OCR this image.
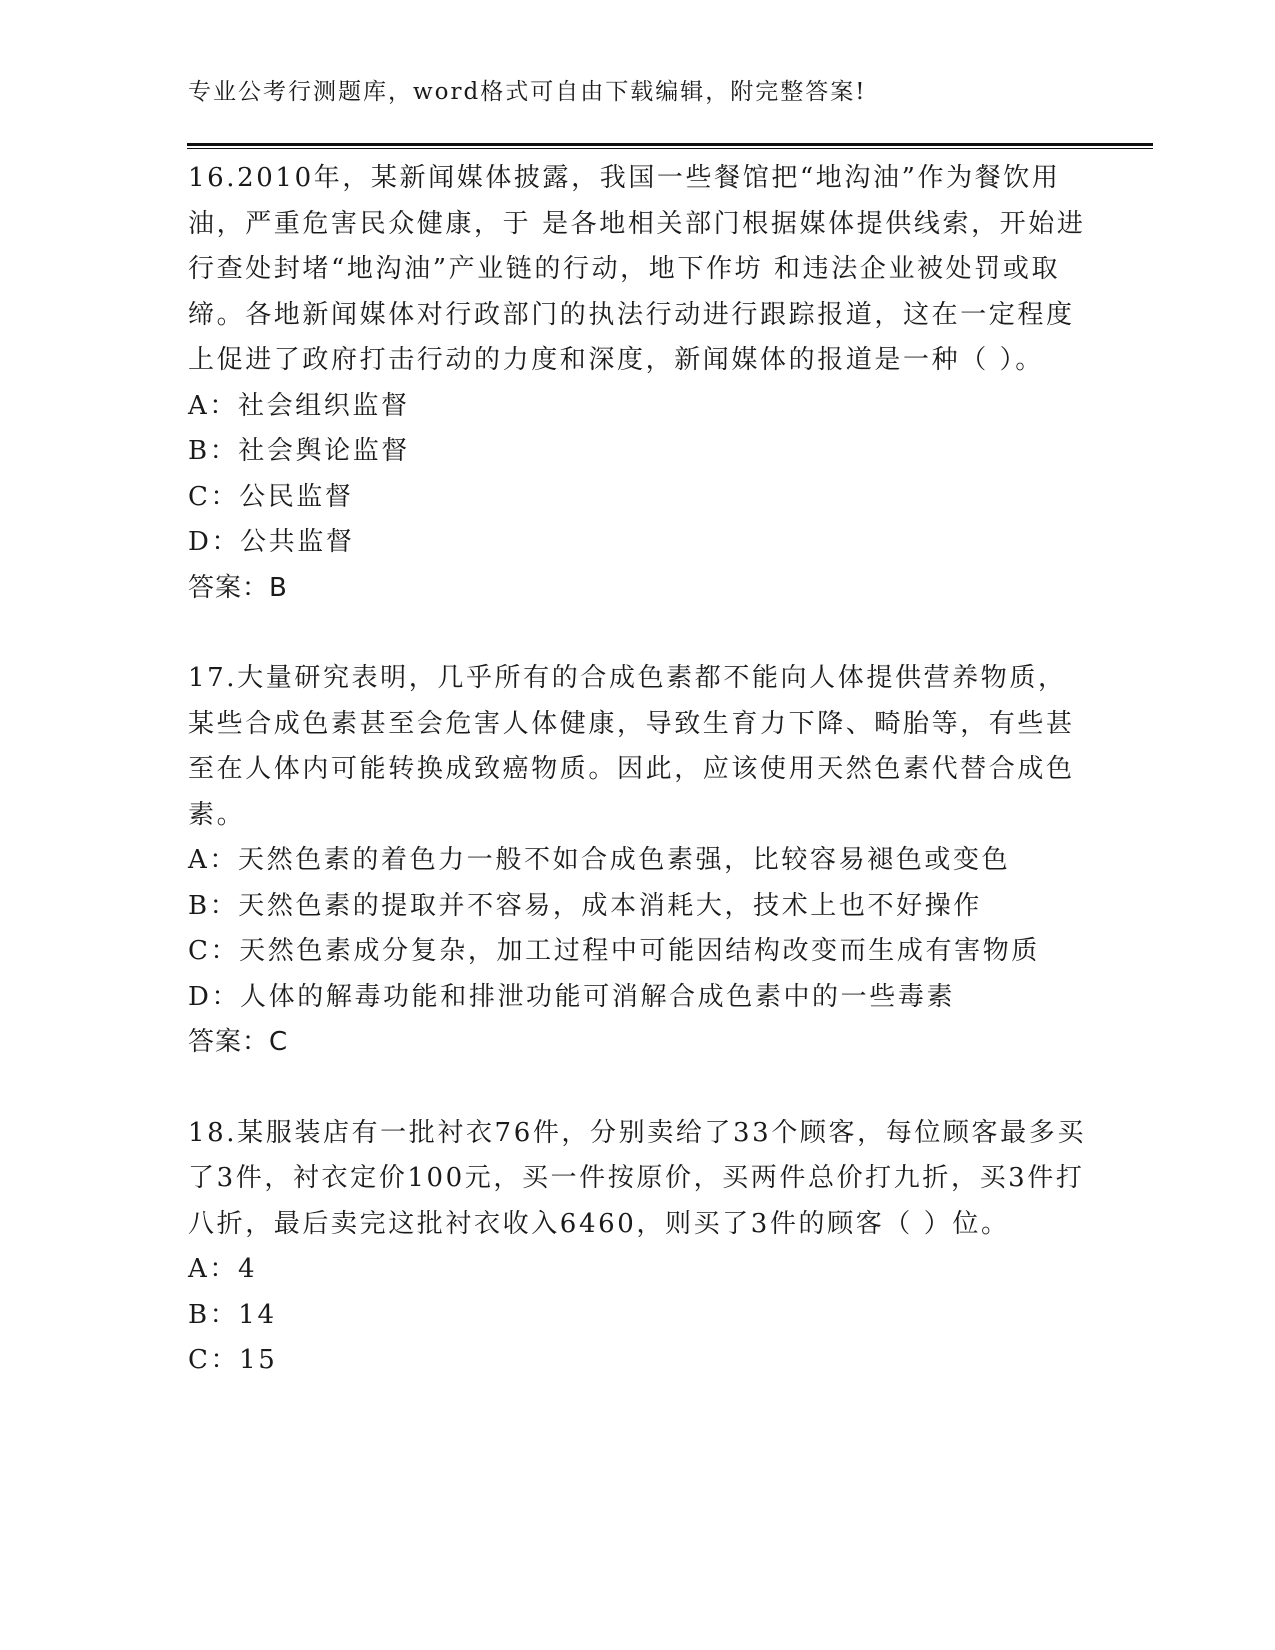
专业公考行测题库，word格式可自由下载编辑，附完整答案!

16.2010年，某新闻媒体披露，我国一些餐馆把“地沟油”作为餐饮用油，严重危害民众健康，于 是各地相关部门根据媒体提供线索，开始进行查处封堵“地沟油”产业链的行动，地下作坊 和违法企业被处罚或取缔。各地新闻媒体对行政部门的执法行动进行跟踪报道，这在一定程度上促进了政府打击行动的力度和深度，新闻媒体的报道是一种（ ）。

A：社会组织监督
B：社会舆论监督
C：公民监督
D：公共监督
答案：B

17.大量研究表明，几乎所有的合成色素都不能向人体提供营养物质，某些合成色素甚至会危害人体健康，导致生育力下降、畸胎等，有些甚至在人体内可能转换成致癌物质。因此，应该使用天然色素代替合成色素。

A：天然色素的着色力一般不如合成色素强，比较容易褪色或变色
B：天然色素的提取并不容易，成本消耗大，技术上也不好操作
C：天然色素成分复杂，加工过程中可能因结构改变而生成有害物质
D：人体的解毒功能和排泄功能可消解合成色素中的一些毒素
答案：C

18.某服装店有一批衬衣76件，分别卖给了33个顾客，每位顾客最多买了3件，衬衣定价100元，买一件按原价，买两件总价打九折，买3件打八折，最后卖完这批衬衣收入6460，则买了3件的顾客（ ）位。

A：4
B：14
C：15
